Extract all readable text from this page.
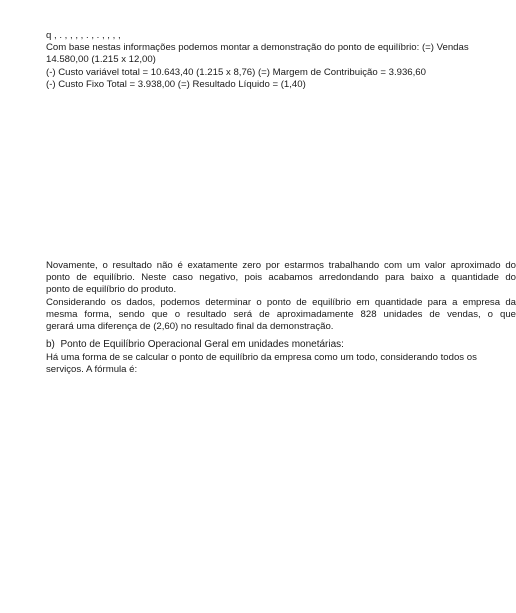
q , . , , , , . , . , , , ,
Com base nestas informações podemos montar a demonstração do ponto de equilíbrio: (=) Vendas
14.580,00 (1.215 x 12,00)
(-) Custo variável total = 10.643,40 (1.215 x 8,76) (=) Margem de Contribuição = 3.936,60
(-) Custo Fixo Total = 3.938,00 (=) Resultado Líquido = (1,40)
Novamente, o resultado não é exatamente zero por estarmos trabalhando com um valor aproximado do
ponto de equilíbrio. Neste caso negativo, pois acabamos arredondando para baixo a quantidade do
ponto de equilíbrio do produto.
Considerando os dados, podemos determinar o ponto de equilíbrio em quantidade para a empresa da
mesma forma, sendo que o resultado será de aproximadamente 828 unidades de vendas, o que
gerará uma diferença de (2,60) no resultado final da demonstração.
b)  Ponto de Equilíbrio Operacional Geral em unidades monetárias:
Há uma forma de se calcular o ponto de equilíbrio da empresa como um todo, considerando todos os
serviços. A fórmula é:
